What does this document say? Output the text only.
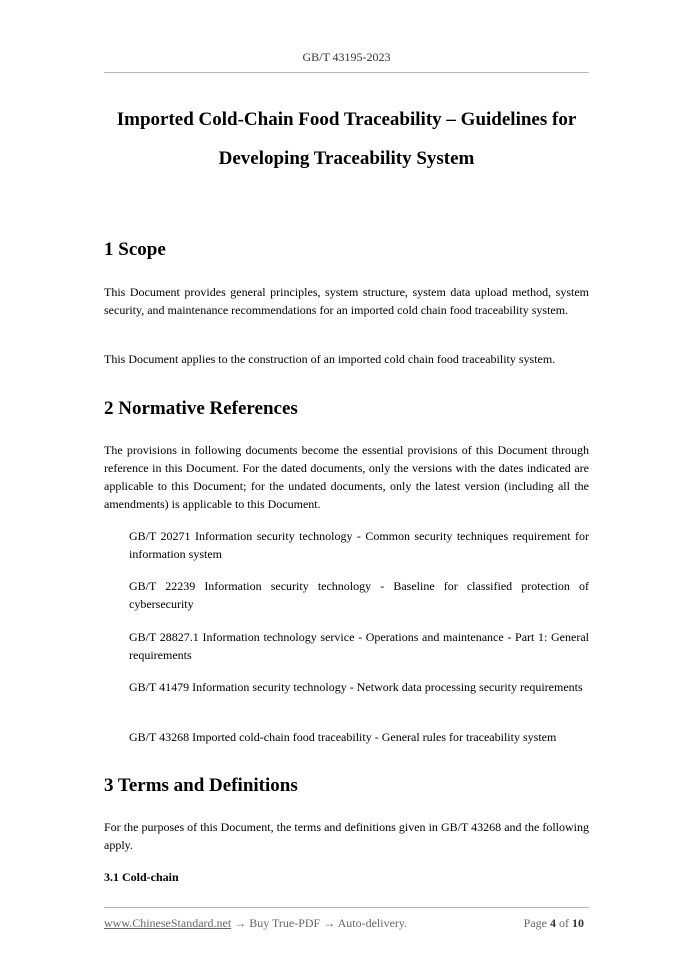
GB/T 43195-2023
Imported Cold-Chain Food Traceability – Guidelines for
Developing Traceability System
1 Scope

This Document provides general principles, system structure, system data upload method, system security, and maintenance recommendations for an imported cold chain food traceability system.

This Document applies to the construction of an imported cold chain food traceability system.

2 Normative References

The provisions in following documents become the essential provisions of this Document through reference in this Document. For the dated documents, only the versions with the dates indicated are applicable to this Document; for the undated documents, only the latest version (including all the amendments) is applicable to this Document.

GB/T 20271 Information security technology - Common security techniques requirement for information system

GB/T 22239 Information security technology - Baseline for classified protection of cybersecurity

GB/T 28827.1 Information technology service - Operations and maintenance - Part 1: General requirements

GB/T 41479 Information security technology - Network data processing security requirements

GB/T 43268 Imported cold-chain food traceability - General rules for traceability system

3 Terms and Definitions

For the purposes of this Document, the terms and definitions given in GB/T 43268 and the following apply.

3.1 Cold-chain
www.ChineseStandard.net → Buy True-PDF → Auto-delivery.	Page 4 of 10
